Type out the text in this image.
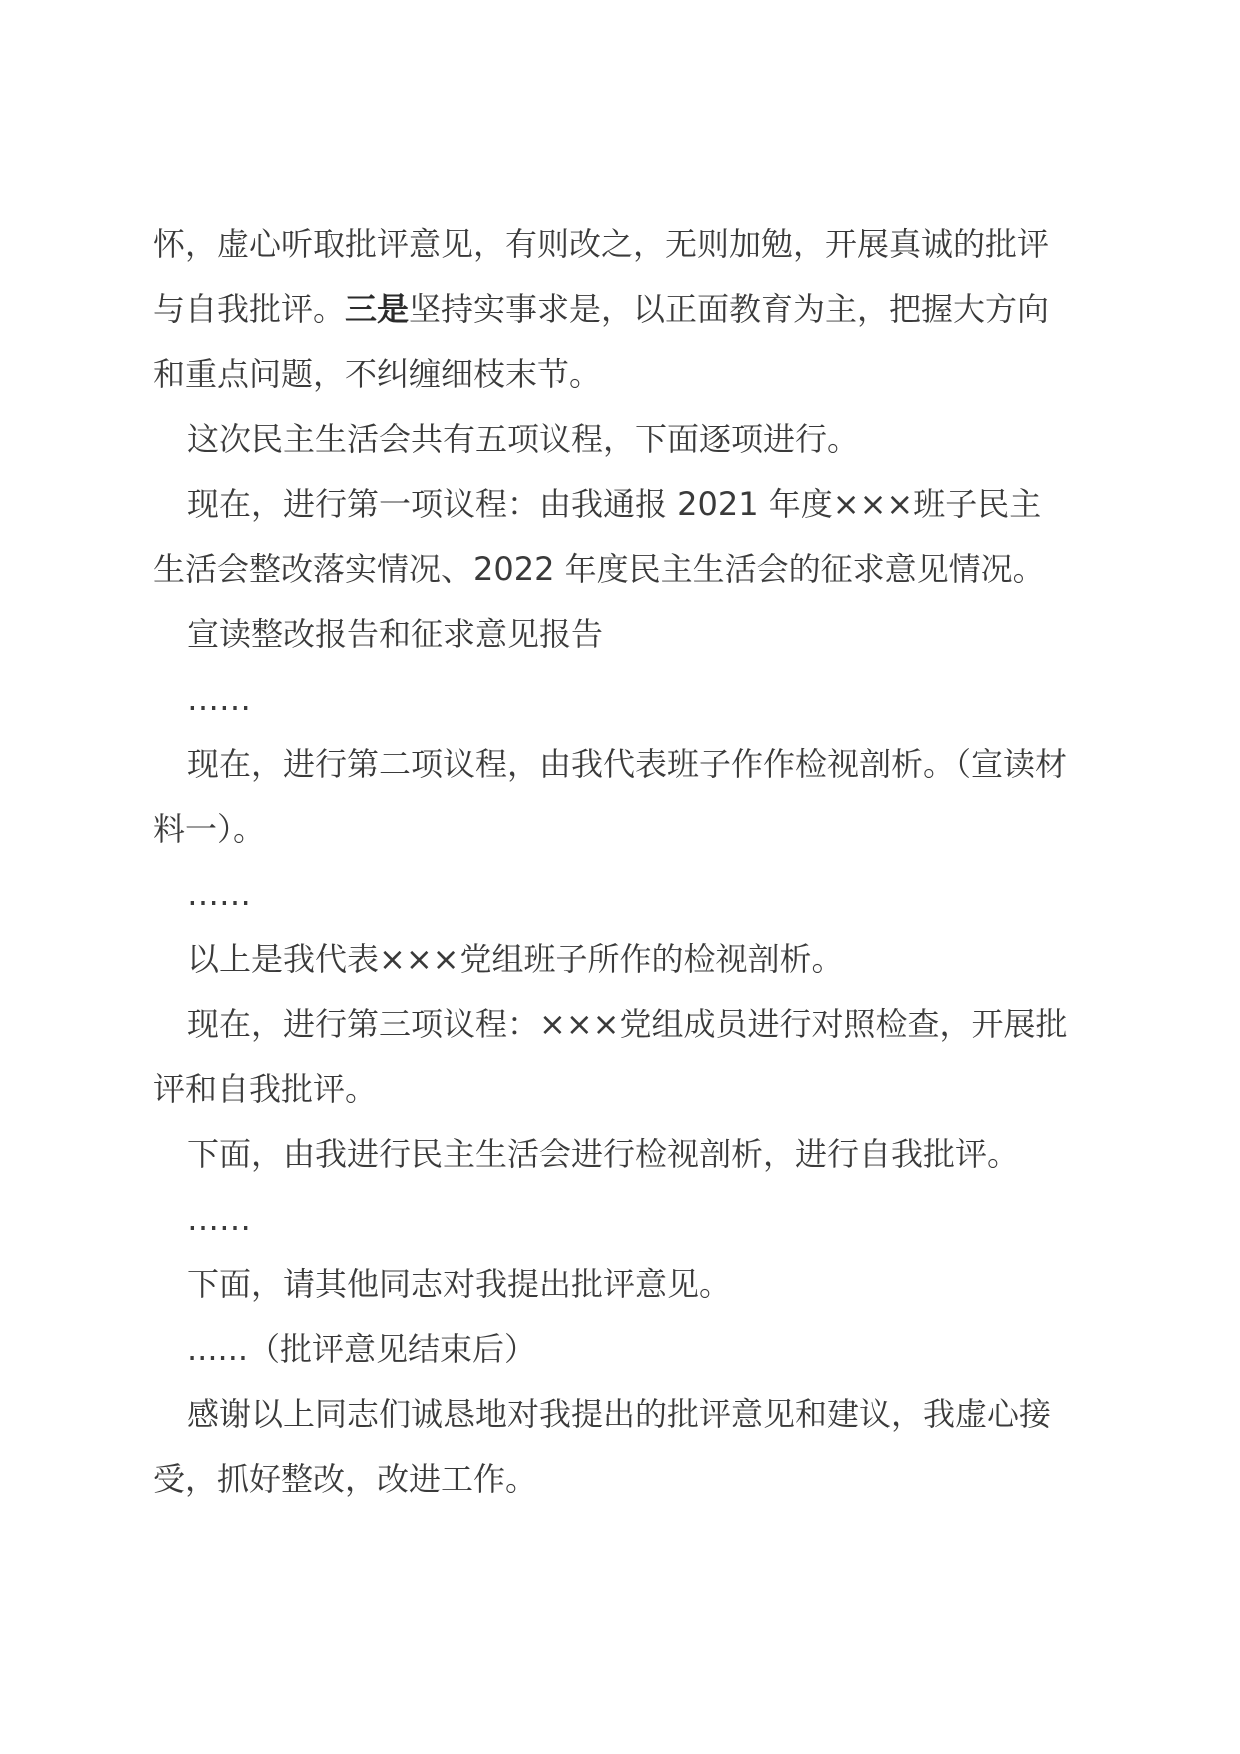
怀，虚心听取批评意见，有则改之，无则加勉，开展真诚的批评与自我批评。三是坚持实事求是，以正面教育为主，把握大方向和重点问题，不纠缠细枝末节。

这次民主生活会共有五项议程，下面逐项进行。

现在，进行第一项议程：由我通报 2021 年度×××班子民主生活会整改落实情况、2022 年度民主生活会的征求意见情况。

宣读整改报告和征求意见报告

……

现在，进行第二项议程，由我代表班子作作检视剖析。（宣读材料一）。

……

以上是我代表×××党组班子所作的检视剖析。

现在，进行第三项议程：×××党组成员进行对照检查，开展批评和自我批评。

下面，由我进行民主生活会进行检视剖析，进行自我批评。

……

下面，请其他同志对我提出批评意见。

......（批评意见结束后）

感谢以上同志们诚恳地对我提出的批评意见和建议，我虚心接受，抓好整改，改进工作。
